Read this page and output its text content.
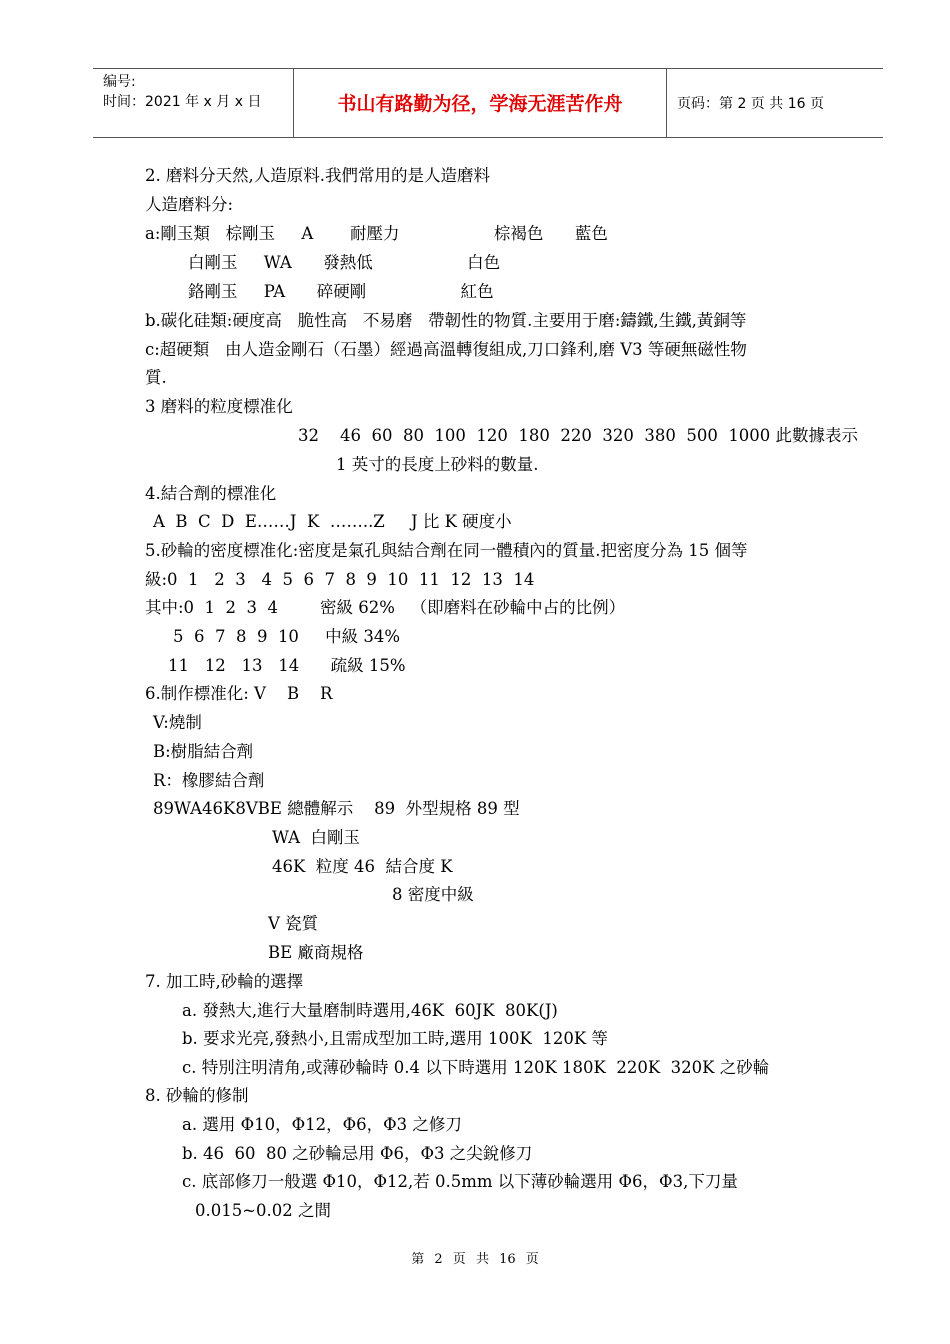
编号:
时间：2021 年 x 月 x 日	书山有路勤为径，学海无涯苦作舟	页码：第 2 页 共 16 页
2. 磨料分天然,人造原料.我們常用的是人造磨料
人造磨料分:
a:剛玉類   棕剛玉     A       耐壓力                  棕褐色      藍色
白剛玉     WA      發熱低                  白色
鉻剛玉     PA      碎硬剛                  紅色
b.碳化硅類:硬度高   脆性高   不易磨   帶韌性的物質.主要用于磨:鑄鐵,生鐵,黃銅等
c:超硬類   由人造金剛石（石墨）經過高溫轉復組成,刀口鋒利,磨 V3 等硬無磁性物
質.
3 磨料的粒度標准化
32    46  60  80  100  120  180  220  320  380  500  1000 此數據表示
1 英寸的長度上砂料的數量.
4.結合劑的標准化
A  B  C  D  E……J  K  ……..Z     J 比 K 硬度小
5.砂輪的密度標准化:密度是氣孔與結合劑在同一體積內的質量.把密度分為 15 個等
級:0  1   2  3   4  5  6  7  8  9  10  11  12  13  14
其中:0  1  2  3  4        密級 62%   （即磨料在砂輪中占的比例）
5  6  7  8  9  10     中級 34%
11   12   13   14      疏級 15%
6.制作標准化: V    B    R
V:燒制
B:樹脂結合劑
R：橡膠結合劑
89WA46K8VBE 總體解示    89  外型規格 89 型
WA  白剛玉
46K  粒度 46  結合度 K
8 密度中級
V 瓷質
BE 廠商規格
7. 加工時,砂輪的選擇
a. 發熱大,進行大量磨制時選用,46K  60JK  80K(J)
b. 要求光亮,發熱小,且需成型加工時,選用 100K  120K 等
c. 特別注明清角,或薄砂輪時 0.4 以下時選用 120K 180K  220K  320K 之砂輪
8. 砂輪的修制
a. 選用 Φ10，Φ12，Φ6，Φ3 之修刀
b. 46  60  80 之砂輪忌用 Φ6，Φ3 之尖銳修刀
c. 底部修刀一般選 Φ10，Φ12,若 0.5mm 以下薄砂輪選用 Φ6，Φ3,下刀量
0.015~0.02 之間
第 2 页 共 16 页
